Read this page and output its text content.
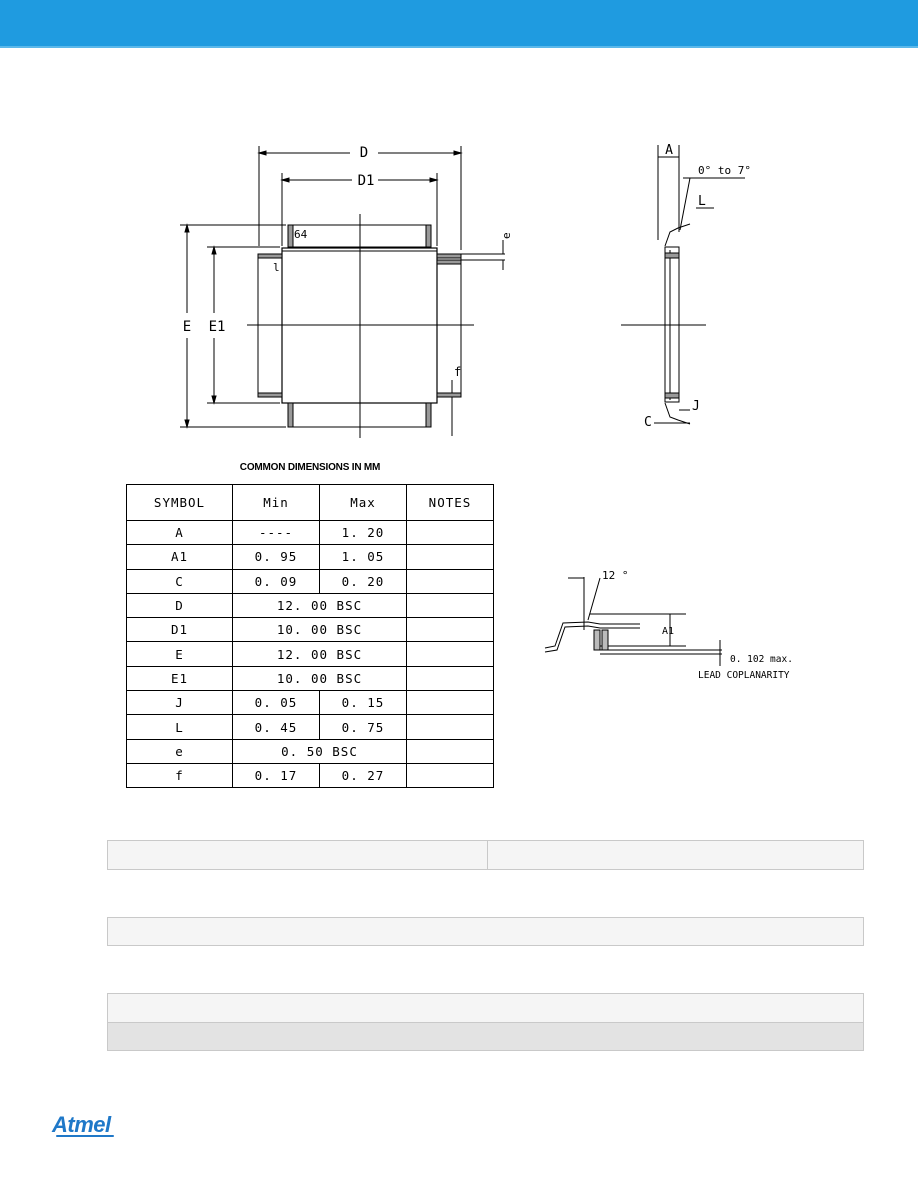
D
D1
E E1
64
l
e
f
A
0° to 7°
L
J
C
12 °
A1
0. 102 max.
LEAD COPLANARITY
COMMON DIMENSIONS IN MM
SYMBOL	Min	Max	NOTES
A	----	1. 20	
A1	0. 95	1. 05	
C	0. 09	0. 20	
D	12. 00 BSC		
D1	10. 00 BSC		
E	12. 00 BSC		
E1	10. 00 BSC		
J	0. 05	0. 15	
L	0. 45	0. 75	
e	0. 50 BSC		
f	0. 17	0. 27	
Atmel
